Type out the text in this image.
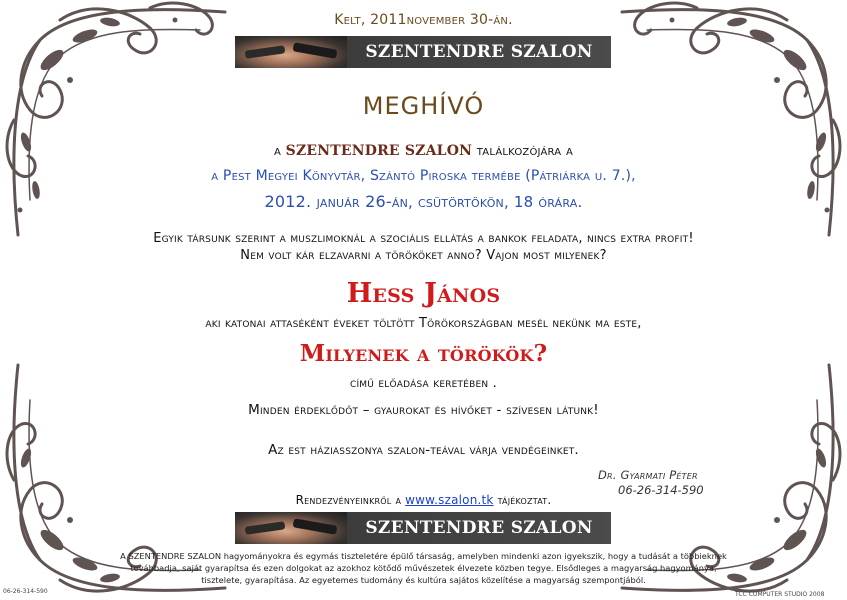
Kelt, 2011november 30-án.
SZENTENDRE SZALON
MEGHÍVÓ
a SZENTENDRE SZALON találkozójára a
a Pest Megyei Könyvtár, Szántó Piroska termébe (Pátriárka u. 7.),
2012. január 26-án, csütörtökön, 18 órára.
Egyik társunk szerint a muszlimoknál a szociális ellátás a bankok feladata, nincs extra profit!
Nem volt kár elzavarni a törököket anno? Vajon most milyenek?
Hess János
aki katonai attaséként éveket töltött Törökországban mesél nekünk ma este,
Milyenek a törökök?
című előadása keretében .
Minden érdeklődőt – gyaurokat és hívőket - szívesen látunk!
Az est háziasszonya szalon-teával várja vendégeinket.
Dr. Gyarmati Péter
06-26-314-590
Rendezvényeinkről a www.szalon.tk tájékoztat.
SZENTENDRE SZALON
A SZENTENDRE SZALON hagyományokra és egymás tiszteletére épülő társaság, amelyben mindenki azon igyekszik, hogy a tudását a többieknek
továbbadja, saját gyarapítsa és ezen dolgokat az azokhoz kötődő művészetek élvezete közben tegye. Elsődleges a magyarság hagyománya,
tisztelete, gyarapítása. Az egyetemes tudomány és kultúra sajátos közelítése a magyarság szempontjából.
06-26-314-590	TCC COMPUTER STUDIO 2008
